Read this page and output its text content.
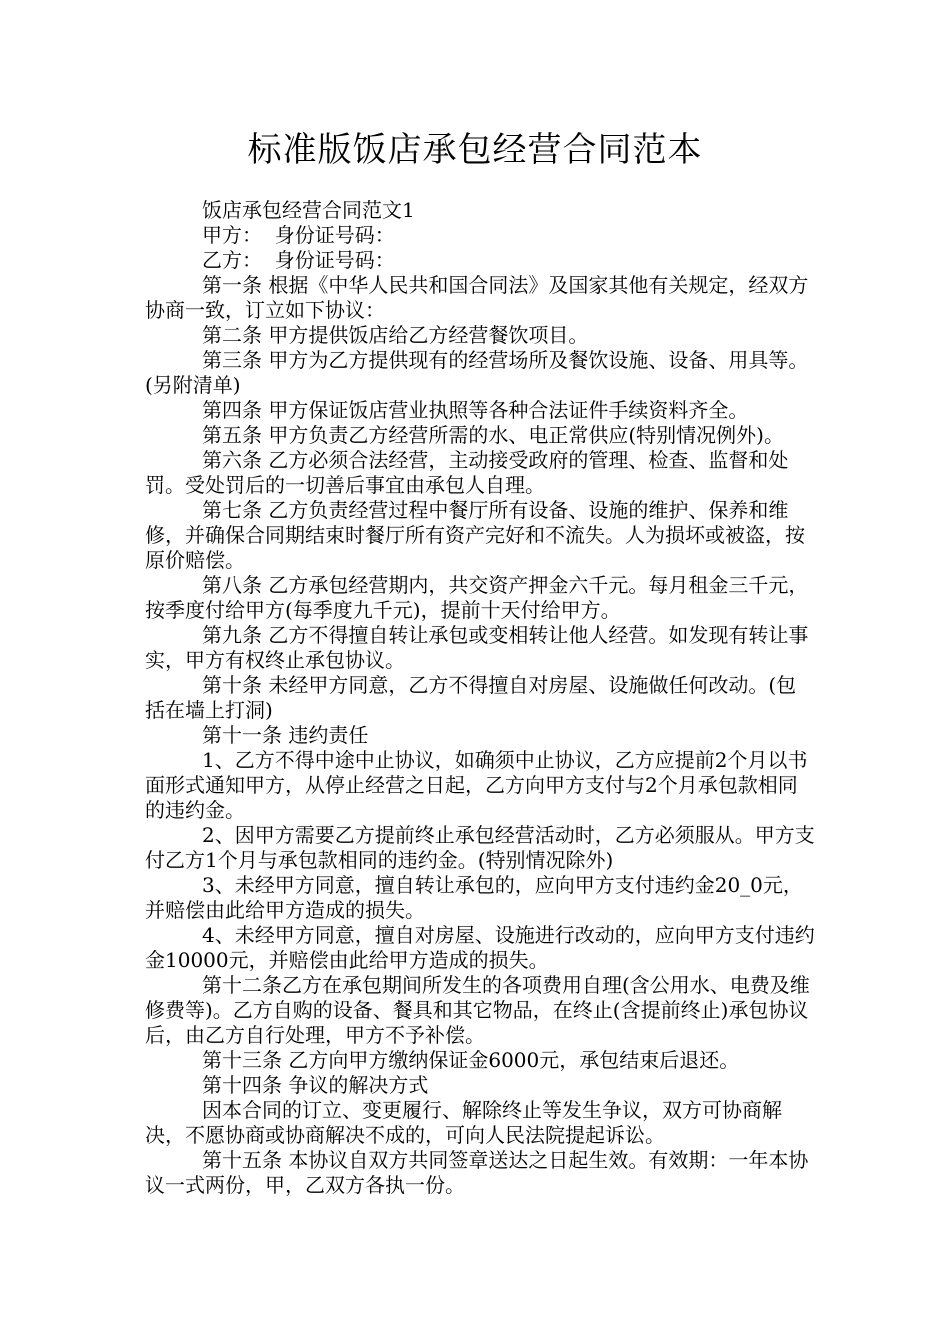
标准版饭店承包经营合同范本

饭店承包经营合同范文1

甲方：  身份证号码：

乙方：  身份证号码：

第一条 根据《中华人民共和国合同法》及国家其他有关规定，经双方协商一致，订立如下协议：

第二条 甲方提供饭店给乙方经营餐饮项目。

第三条 甲方为乙方提供现有的经营场所及餐饮设施、设备、用具等。(另附清单)

第四条 甲方保证饭店营业执照等各种合法证件手续资料齐全。

第五条 甲方负责乙方经营所需的水、电正常供应(特别情况例外)。

第六条 乙方必须合法经营，主动接受政府的管理、检查、监督和处罚。受处罚后的一切善后事宜由承包人自理。

第七条 乙方负责经营过程中餐厅所有设备、设施的维护、保养和维修，并确保合同期结束时餐厅所有资产完好和不流失。人为损坏或被盗，按原价赔偿。

第八条 乙方承包经营期内，共交资产押金六千元。每月租金三千元，按季度付给甲方(每季度九千元)，提前十天付给甲方。

第九条 乙方不得擅自转让承包或变相转让他人经营。如发现有转让事实，甲方有权终止承包协议。

第十条 未经甲方同意，乙方不得擅自对房屋、设施做任何改动。(包括在墙上打洞)

第十一条 违约责任

1、乙方不得中途中止协议，如确须中止协议，乙方应提前2个月以书面形式通知甲方，从停止经营之日起，乙方向甲方支付与2个月承包款相同的违约金。

2、因甲方需要乙方提前终止承包经营活动时，乙方必须服从。甲方支付乙方1个月与承包款相同的违约金。(特别情况除外)

3、未经甲方同意，擅自转让承包的，应向甲方支付违约金20_0元，并赔偿由此给甲方造成的损失。

4、未经甲方同意，擅自对房屋、设施进行改动的，应向甲方支付违约金10000元，并赔偿由此给甲方造成的损失。

第十二条乙方在承包期间所发生的各项费用自理(含公用水、电费及维修费等)。乙方自购的设备、餐具和其它物品，在终止(含提前终止)承包协议后，由乙方自行处理，甲方不予补偿。

第十三条 乙方向甲方缴纳保证金6000元，承包结束后退还。

第十四条 争议的解决方式

因本合同的订立、变更履行、解除终止等发生争议，双方可协商解决，不愿协商或协商解决不成的，可向人民法院提起诉讼。

第十五条 本协议自双方共同签章送达之日起生效。有效期：一年本协议一式两份，甲，乙双方各执一份。
